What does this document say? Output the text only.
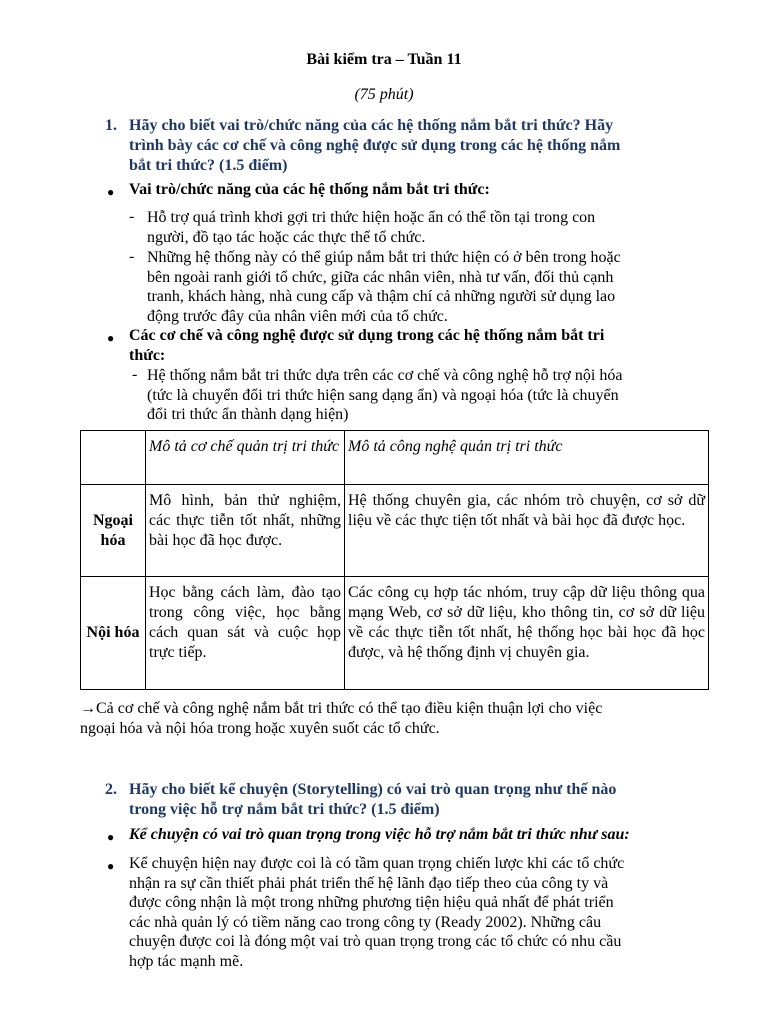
Bài kiểm tra – Tuần 11
(75 phút)
1. Hãy cho biết vai trò/chức năng của các hệ thống nắm bắt tri thức? Hãy
trình bày các cơ chế và công nghệ được sử dụng trong các hệ thống nắm
bắt tri thức? (1.5 điểm)
● Vai trò/chức năng của các hệ thống nắm bắt tri thức:
- Hỗ trợ quá trình khơi gợi tri thức hiện hoặc ẩn có thể tồn tại trong con
người, đồ tạo tác hoặc các thực thể tổ chức.
- Những hệ thống này có thể giúp nắm bắt tri thức hiện có ở bên trong hoặc
bên ngoài ranh giới tổ chức, giữa các nhân viên, nhà tư vấn, đối thủ cạnh
tranh, khách hàng, nhà cung cấp và thậm chí cả những người sử dụng lao
động trước đây của nhân viên mới của tổ chức.
● Các cơ chế và công nghệ được sử dụng trong các hệ thống nắm bắt tri
thức:
- Hệ thống nắm bắt tri thức dựa trên các cơ chế và công nghệ hỗ trợ nội hóa
(tức là chuyển đổi tri thức hiện sang dạng ẩn) và ngoại hóa (tức là chuyển
đổi tri thức ẩn thành dạng hiện)
	Mô tả cơ chế quản trị tri thức	Mô tả công nghệ quản trị tri thức
Ngoại hóa	Mô hình, bản thử nghiệm, các thực tiễn tốt nhất, những bài học đã học được.	Hệ thống chuyên gia, các nhóm trò chuyện, cơ sở dữ liệu về các thực tiện tốt nhất và bài học đã được học.
Nội hóa	Học bằng cách làm, đào tạo trong công việc, học bằng cách quan sát và cuộc họp trực tiếp.	Các công cụ hợp tác nhóm, truy cập dữ liệu thông qua mạng Web, cơ sở dữ liệu, kho thông tin, cơ sở dữ liệu về các thực tiễn tốt nhất, hệ thống học bài học đã học được, và hệ thống định vị chuyên gia.
→Cả cơ chế và công nghệ nắm bắt tri thức có thể tạo điều kiện thuận lợi cho việc
ngoại hóa và nội hóa trong hoặc xuyên suốt các tổ chức.
2. Hãy cho biết kể chuyện (Storytelling) có vai trò quan trọng như thế nào
trong việc hỗ trợ nắm bắt tri thức? (1.5 điểm)
● Kể chuyện có vai trò quan trọng trong việc hỗ trợ nắm bắt tri thức như sau:
● Kể chuyện hiện nay được coi là có tầm quan trọng chiến lược khi các tổ chức
nhận ra sự cần thiết phải phát triển thế hệ lãnh đạo tiếp theo của công ty và
được công nhận là một trong những phương tiện hiệu quả nhất để phát triển
các nhà quản lý có tiềm năng cao trong công ty (Ready 2002). Những câu
chuyện được coi là đóng một vai trò quan trọng trong các tổ chức có nhu cầu
hợp tác mạnh mẽ.
